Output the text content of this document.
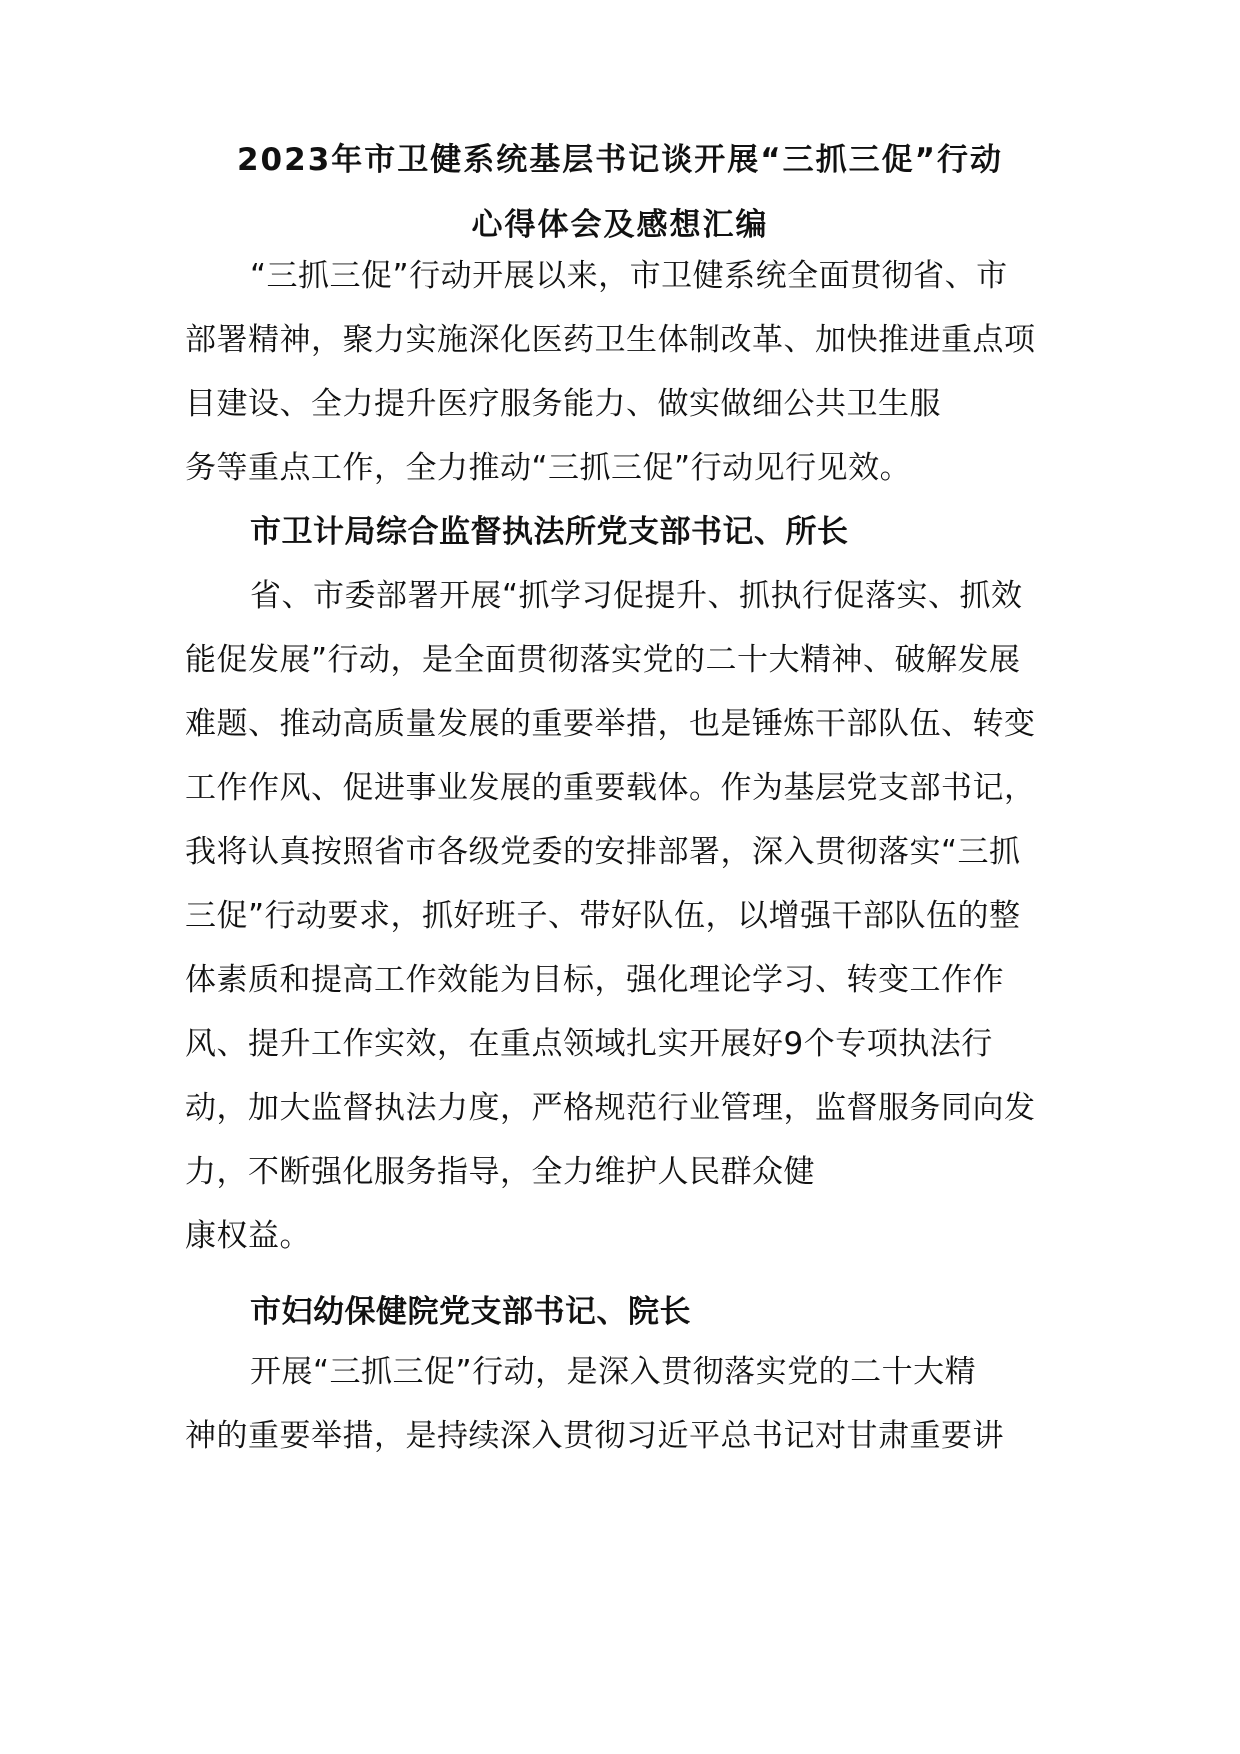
2023年市卫健系统基层书记谈开展“三抓三促”行动
心得体会及感想汇编
“三抓三促”行动开展以来，市卫健系统全面贯彻省、市
部署精神，聚力实施深化医药卫生体制改革、加快推进重点项
目建设、全力提升医疗服务能力、做实做细公共卫生服
务等重点工作，全力推动“三抓三促”行动见行见效。
市卫计局综合监督执法所党支部书记、所长
省、市委部署开展“抓学习促提升、抓执行促落实、抓效
能促发展”行动，是全面贯彻落实党的二十大精神、破解发展
难题、推动高质量发展的重要举措，也是锤炼干部队伍、转变
工作作风、促进事业发展的重要载体。作为基层党支部书记，
我将认真按照省市各级党委的安排部署，深入贯彻落实“三抓
三促”行动要求，抓好班子、带好队伍，以增强干部队伍的整
体素质和提高工作效能为目标，强化理论学习、转变工作作
风、提升工作实效，在重点领域扎实开展好9个专项执法行
动，加大监督执法力度，严格规范行业管理，监督服务同向发
力，不断强化服务指导，全力维护人民群众健
康权益。
市妇幼保健院党支部书记、院长
开展“三抓三促”行动，是深入贯彻落实党的二十大精
神的重要举措，是持续深入贯彻习近平总书记对甘肃重要讲
